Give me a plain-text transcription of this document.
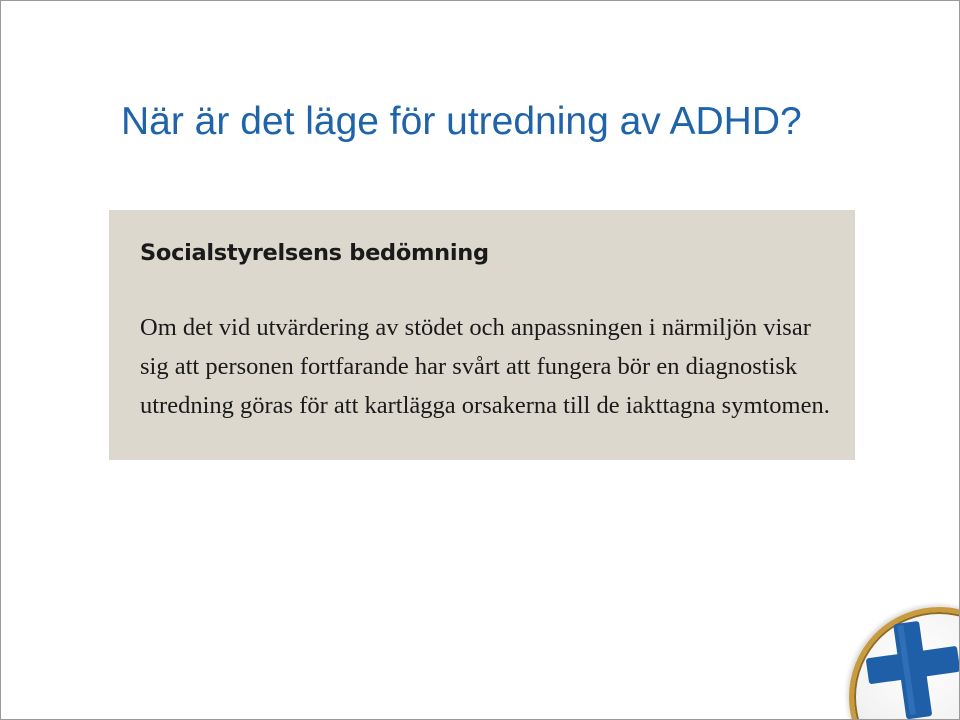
När är det läge för utredning av ADHD?
Socialstyrelsens bedömning

Om det vid utvärdering av stödet och anpassningen i närmiljön visar
sig att personen fortfarande har svårt att fungera bör en diagnostisk
utredning göras för att kartlägga orsakerna till de iakttagna symtomen.
